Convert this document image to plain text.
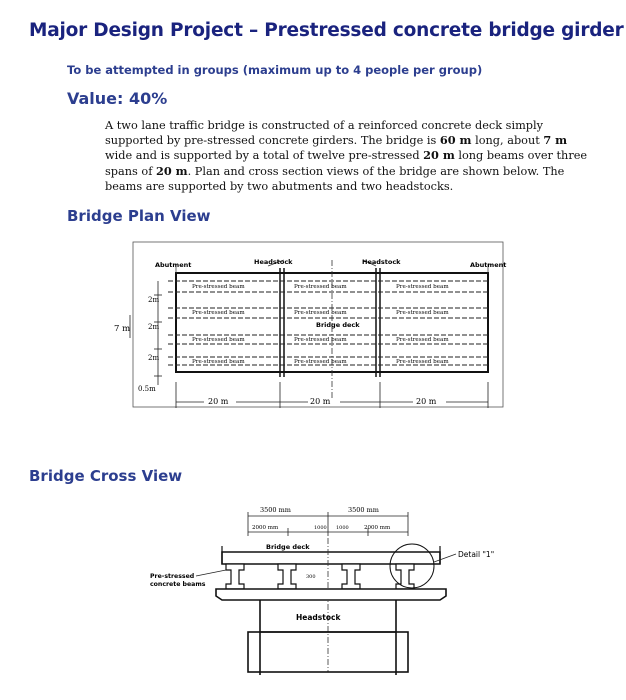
Major Design Project – Prestressed concrete bridge girder
To be attempted in groups (maximum up to 4 people per group)
Value: 40%
A two lane traffic bridge is constructed of a reinforced concrete deck simply supported by pre-stressed concrete girders. The bridge is 60 m long, about 7 m wide and is supported by a total of twelve pre-stressed 20 m long beams over three spans of 20 m. Plan and cross section views of the bridge are shown below. The beams are supported by two abutments and two headstocks.
Bridge Plan View
Abutment	Abutment
Headstock	Headstock
Pre-stressed beam
Pre-stressed beam
Pre-stressed beam
Pre-stressed beam
Pre-stressed beam
Pre-stressed beam
Pre-stressed beam
Pre-stressed beam
Pre-stressed beam
Pre-stressed beam
Pre-stressed beam
Pre-stressed beam
Bridge deck
2m
2m
2m
7 m
0.5m
20 m	20 m	20 m
Bridge Cross View
3500 mm	3500 mm
2000 mm	1000 1000	2000 mm
Bridge deck
300
Headstock
Pre-stressed
concrete beams
Detail "1"
